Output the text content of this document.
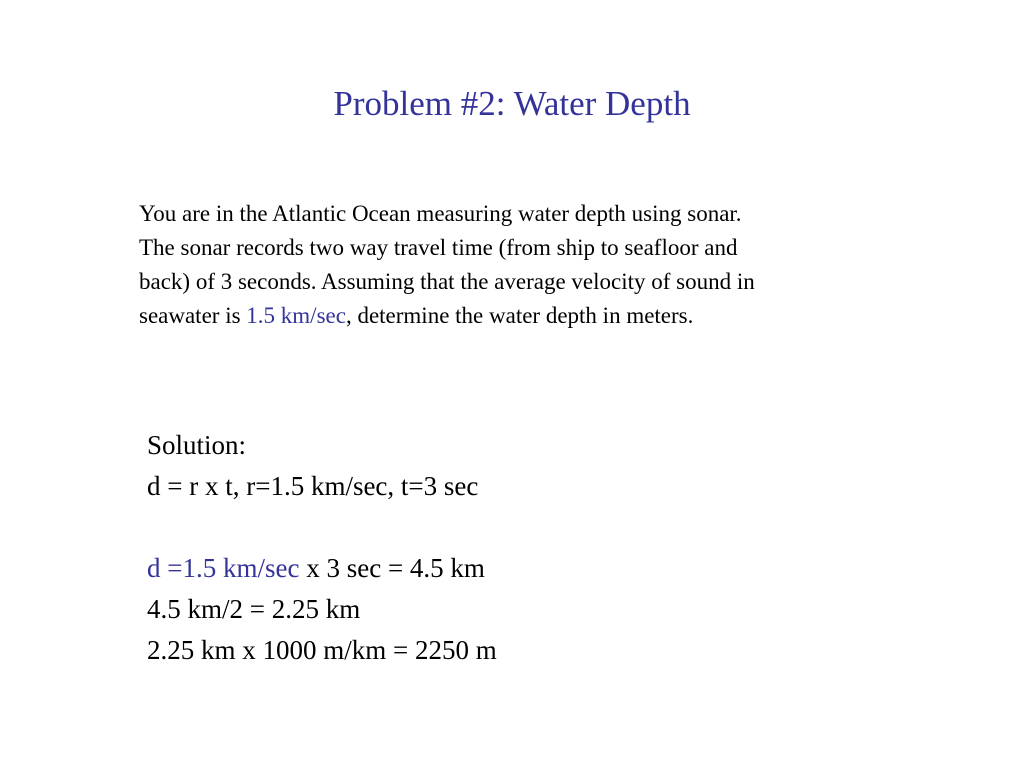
Problem #2: Water Depth
You are in the Atlantic Ocean measuring water depth using sonar.
The sonar records two way travel time (from ship to seafloor and
back) of 3 seconds. Assuming that the average velocity of sound in
seawater is 1.5 km/sec, determine the water depth in meters.
Solution:
d = r x t, r=1.5 km/sec, t=3 sec
d =1.5 km/sec x 3 sec = 4.5 km
4.5 km/2 = 2.25 km
2.25 km x 1000 m/km = 2250 m
